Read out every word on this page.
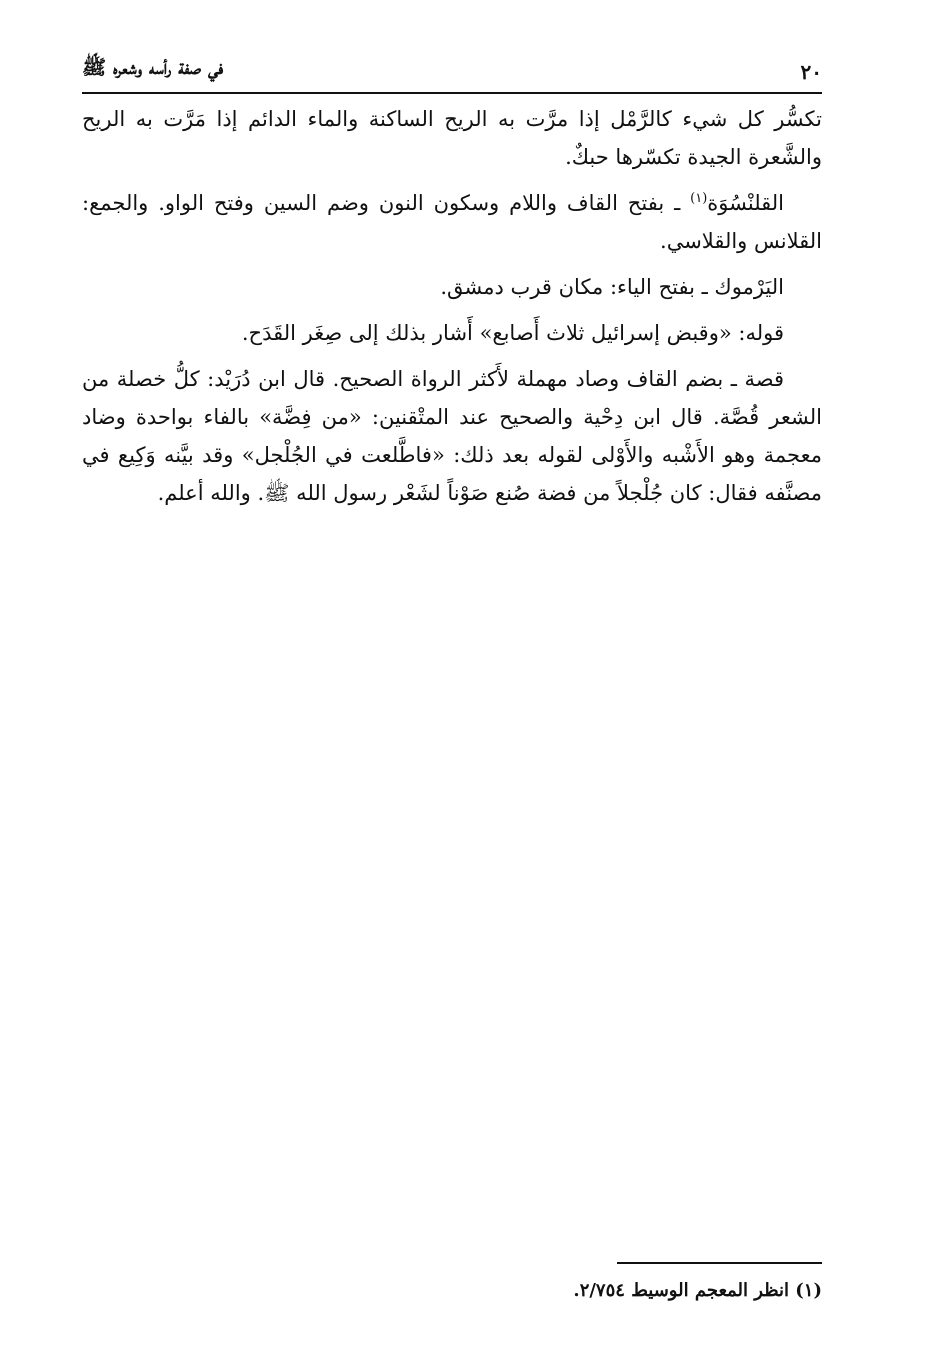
٢٠
في صفة رأسه وشعره ﷺ

تكسُّر كل شيء كالرَّمْل إذا مرَّت به الريح الساكنة والماء الدائم إذا مَرَّت به الريح والشَّعرة الجيدة تكسّرها حبكٌ.

القلنْسُوَة$^{(١)}$ ـ بفتح القاف واللام وسكون النون وضم السين وفتح الواو. والجمع: القلانس والقلاسي.

اليَرْموك ـ بفتح الياء: مكان قرب دمشق.

قوله: «وقبض إسرائيل ثلاث أَصابع» أَشار بذلك إلى صِغَر القَدَح.

قصة ـ بضم القاف وصاد مهملة لأَكثر الرواة الصحيح. قال ابن دُرَيْد: كلُّ خصلة من الشعر قُصَّة. قال ابن دِحْية والصحيح عند المتْقنين: «من فِضَّة» بالفاء بواحدة وضاد معجمة وهو الأَشْبه والأَوْلى لقوله بعد ذلك: «فاطَّلعت في الجُلْجل» وقد بيَّنه وَكِيع في مصنَّفه فقال: كان جُلْجلاً من فضة صُنع صَوْناً لشَعْر رسول الله ﷺ. والله أعلم.

(١) انظر المعجم الوسيط ٢/٧٥٤.
